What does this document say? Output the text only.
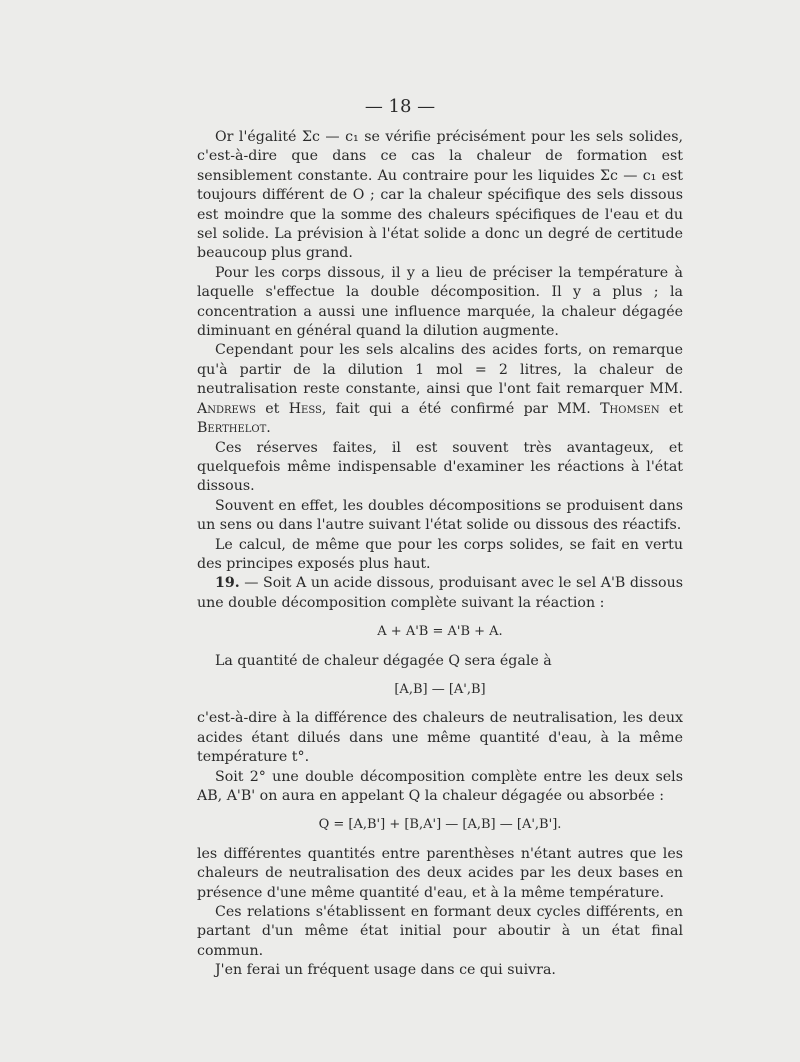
— 18 —

Or l'égalité Σc — c₁ se vérifie précisément pour les sels solides, c'est-à-dire que dans ce cas la chaleur de formation est sensiblement constante. Au contraire pour les liquides Σc — c₁ est toujours différent de O ; car la chaleur spécifique des sels dissous est moindre que la somme des chaleurs spécifiques de l'eau et du sel solide. La prévision à l'état solide a donc un degré de certitude beaucoup plus grand.

Pour les corps dissous, il y a lieu de préciser la température à laquelle s'effectue la double décomposition. Il y a plus ; la concentration a aussi une influence marquée, la chaleur dégagée diminuant en général quand la dilution augmente.

Cependant pour les sels alcalins des acides forts, on remarque qu'à partir de la dilution 1 mol = 2 litres, la chaleur de neutralisation reste constante, ainsi que l'ont fait remarquer MM. Andrews et Hess, fait qui a été confirmé par MM. Thomsen et Berthelot.

Ces réserves faites, il est souvent très avantageux, et quelquefois même indispensable d'examiner les réactions à l'état dissous.

Souvent en effet, les doubles décompositions se produisent dans un sens ou dans l'autre suivant l'état solide ou dissous des réactifs.

Le calcul, de même que pour les corps solides, se fait en vertu des principes exposés plus haut.

19. — Soit A un acide dissous, produisant avec le sel A'B dissous une double décomposition complète suivant la réaction :

A + A'B = A'B + A.

La quantité de chaleur dégagée Q sera égale à

[A,B] — [A',B]

c'est-à-dire à la différence des chaleurs de neutralisation, les deux acides étant dilués dans une même quantité d'eau, à la même température t°.

Soit 2° une double décomposition complète entre les deux sels AB, A'B' on aura en appelant Q la chaleur dégagée ou absorbée :

Q = [A,B'] + [B,A'] — [A,B] — [A',B'].

les différentes quantités entre parenthèses n'étant autres que les chaleurs de neutralisation des deux acides par les deux bases en présence d'une même quantité d'eau, et à la même température.

Ces relations s'établissent en formant deux cycles différents, en partant d'un même état initial pour aboutir à un état final commun.

J'en ferai un fréquent usage dans ce qui suivra.
